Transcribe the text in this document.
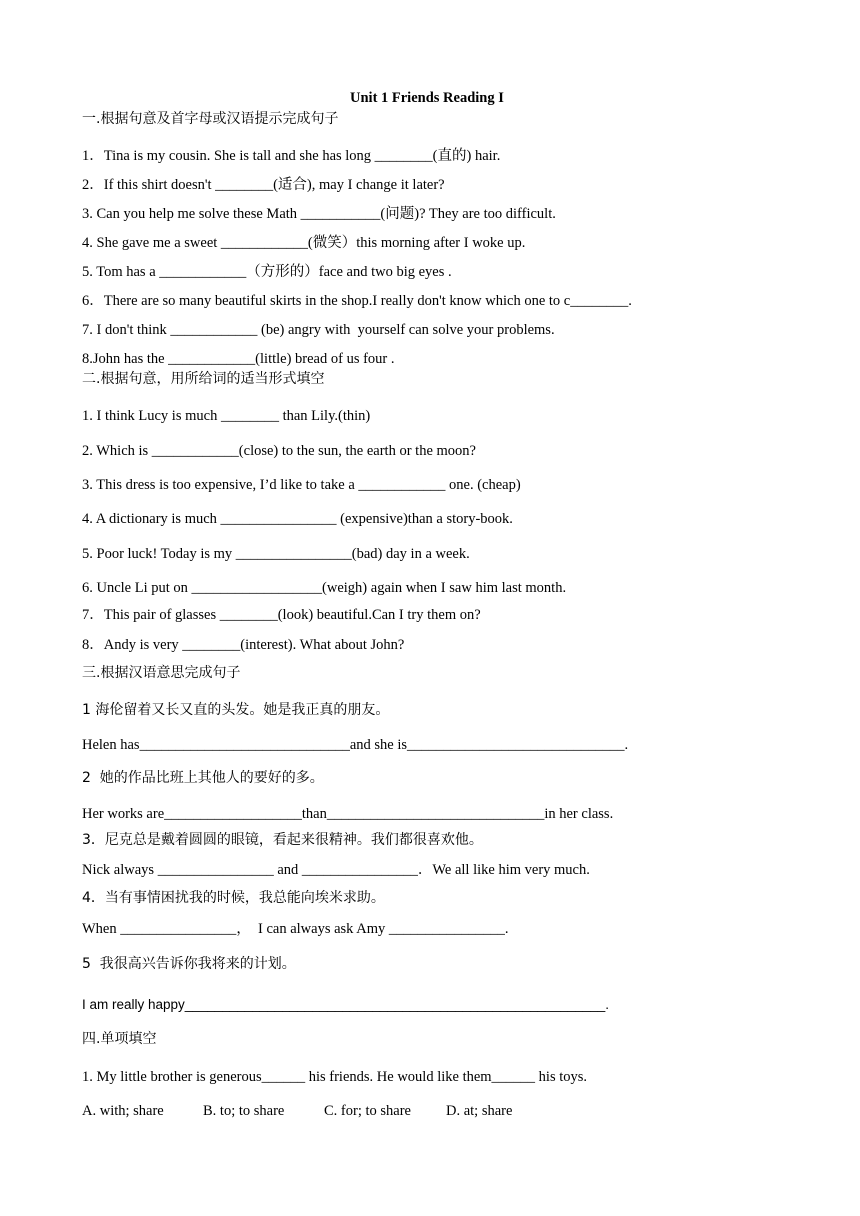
Unit 1 Friends Reading I
一.根据句意及首字母或汉语提示完成句子
1．Tina is my cousin. She is tall and she has long ________(直的) hair.
2．If this shirt doesn't ________(适合), may I change it later?
3. Can you help me solve these Math ___________(问题)? They are too difficult.
4. She gave me a sweet ____________(微笑）this morning after I woke up.
5. Tom has a ____________（方形的）face and two big eyes .
6．There are so many beautiful skirts in the shop.I really don't know which one to c________.
7. I don't think ____________ (be) angry with  yourself can solve your problems.
8.John has the ____________(little) bread of us four .
二.根据句意，用所给词的适当形式填空
1. I think Lucy is much ________ than Lily.(thin)
2. Which is ____________(close) to the sun, the earth or the moon?
3. This dress is too expensive, I’d like to take a ____________ one. (cheap)
4. A dictionary is much ________________ (expensive)than a story-book.
5. Poor luck! Today is my ________________(bad) day in a week.
6. Uncle Li put on __________________(weigh) again when I saw him last month.
7．This pair of glasses ________(look) beautiful.Can I try them on?
8．Andy is very ________(interest). What about John?
三.根据汉语意思完成句子
1 海伦留着又长又直的头发。她是我正真的朋友。
Helen has_____________________________and she is______________________________.
2  她的作品比班上其他人的要好的多。
Her works are___________________than______________________________in her class.
3．尼克总是戴着圆圆的眼镜，看起来很精神。我们都很喜欢他。
Nick always ________________ and ________________．We all like him very much.
4．当有事情困扰我的时候，我总能向埃米求助。
When ________________，  I can always ask Amy ________________.
5  我很高兴告诉你我将来的计划。
I am really happy________________________________________________________.
四.单项填空
1. My little brother is generous______ his friends. He would like them______ his toys.
A. with; share	B. to; to share	C. for; to share D. at; share
